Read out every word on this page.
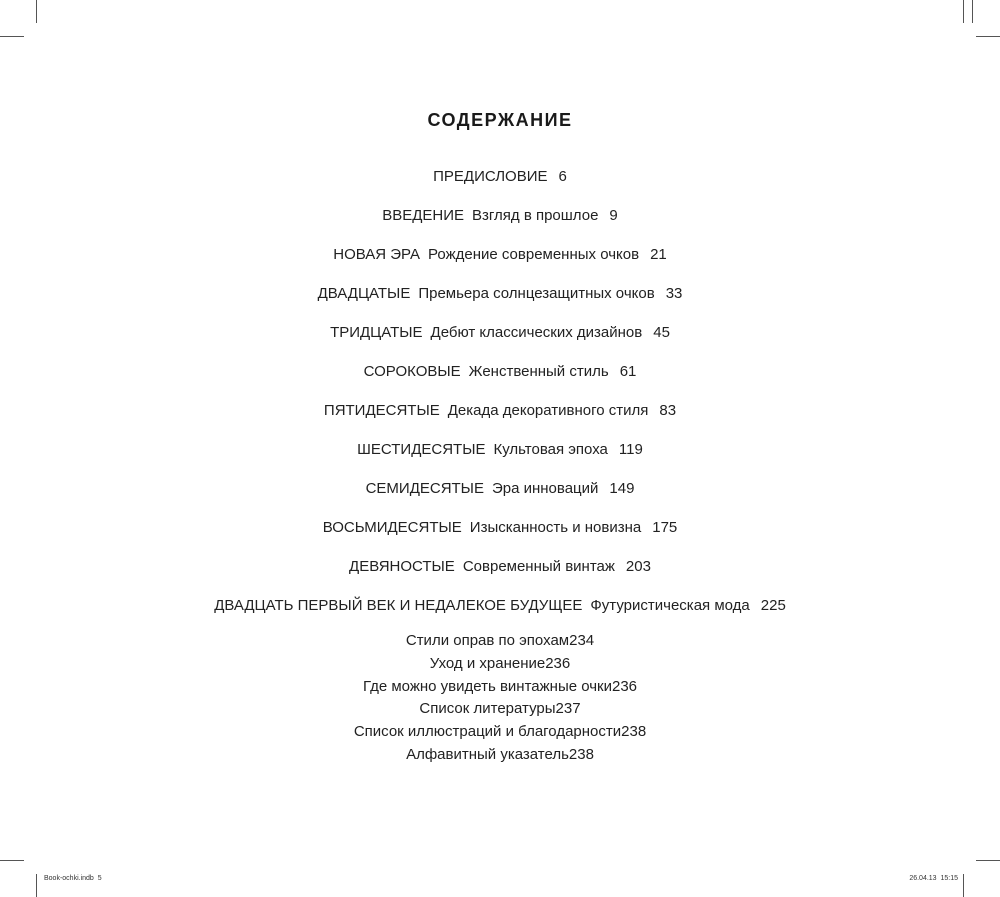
СОДЕРЖАНИЕ
ПРЕДИСЛОВИЕ 6
ВВЕДЕНИЕ Взгляд в прошлое 9
НОВАЯ ЭРА Рождение современных очков 21
ДВАДЦАТЫЕ Премьера солнцезащитных очков 33
ТРИДЦАТЫЕ Дебют классических дизайнов 45
СОРОКОВЫЕ Женственный стиль 61
ПЯТИДЕСЯТЫЕ Декада декоративного стиля 83
ШЕСТИДЕСЯТЫЕ Культовая эпоха 119
СЕМИДЕСЯТЫЕ Эра инноваций 149
ВОСЬМИДЕСЯТЫЕ Изысканность и новизна 175
ДЕВЯНОСТЫЕ Современный винтаж 203
ДВАДЦАТЬ ПЕРВЫЙ ВЕК И НЕДАЛЕКОЕ БУДУЩЕЕ Футуристическая мода 225
Стили оправ по эпохам234
Уход и хранение236
Где можно увидеть винтажные очки236
Список литературы237
Список иллюстраций и благодарности238
Алфавитный указатель238
Book-ochki.indb 5	26.04.13 15:15
